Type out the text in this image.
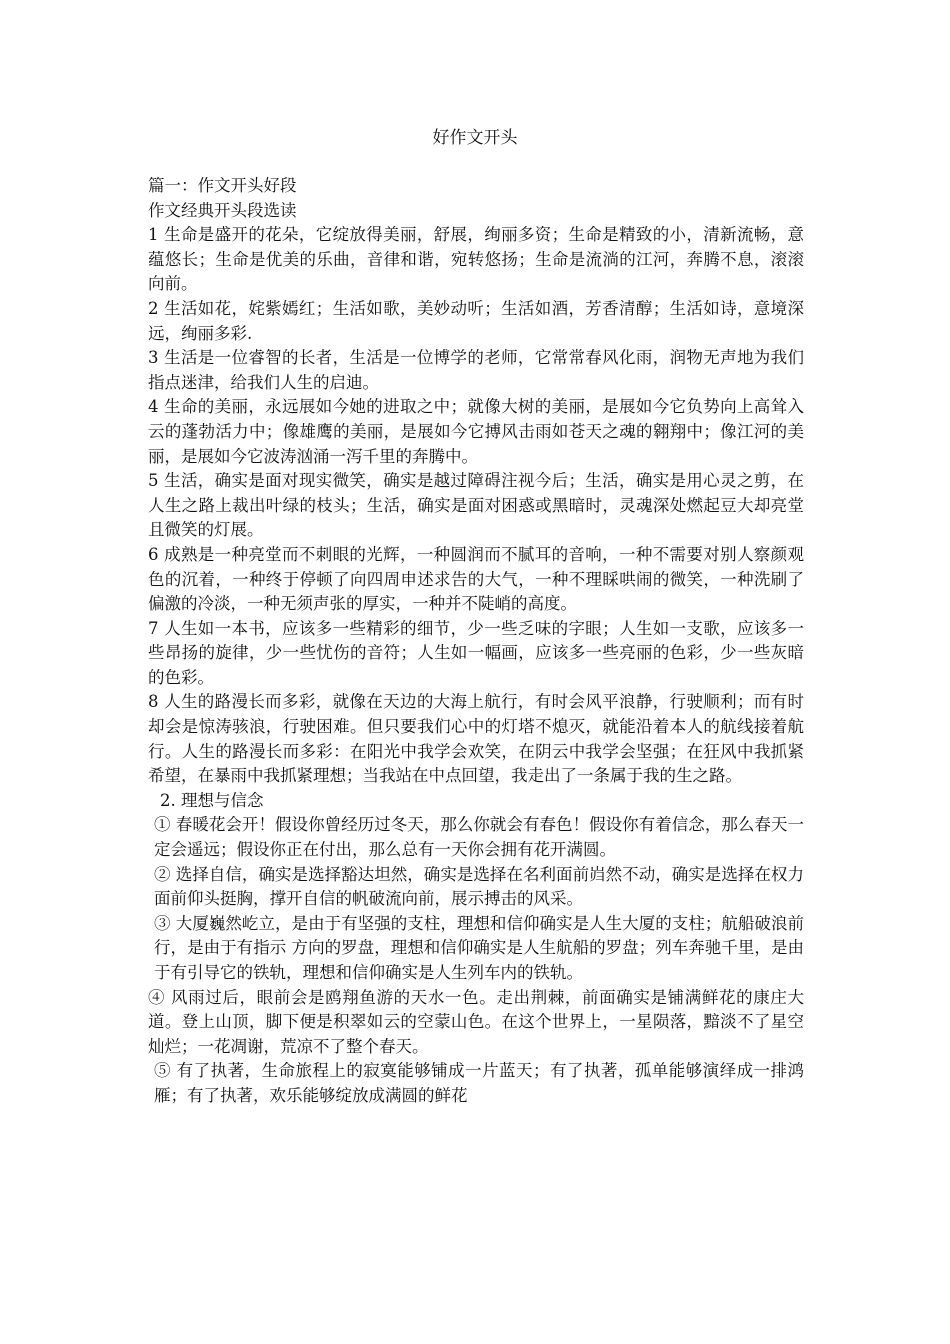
好作文开头

篇一：作文开头好段

作文经典开头段选读

1 生命是盛开的花朵，它绽放得美丽，舒展，绚丽多资；生命是精致的小，清新流畅，意蕴悠长；生命是优美的乐曲，音律和谐，宛转悠扬；生命是流淌的江河，奔腾不息，滚滚向前。

2 生活如花，姹紫嫣红；生活如歌，美妙动听；生活如酒，芳香清醇；生活如诗，意境深远，绚丽多彩.

3 生活是一位睿智的长者，生活是一位博学的老师，它常常春风化雨，润物无声地为我们指点迷津，给我们人生的启迪。

4 生命的美丽，永远展如今她的进取之中；就像大树的美丽，是展如今它负势向上高耸入云的蓬勃活力中；像雄鹰的美丽，是展如今它搏风击雨如苍天之魂的翱翔中；像江河的美丽，是展如今它波涛汹涌一泻千里的奔腾中。

5 生活，确实是面对现实微笑，确实是越过障碍注视今后；生活，确实是用心灵之剪，在人生之路上裁出叶绿的枝头；生活，确实是面对困惑或黑暗时，灵魂深处燃起豆大却亮堂且微笑的灯展。

6 成熟是一种亮堂而不刺眼的光辉，一种圆润而不腻耳的音响，一种不需要对别人察颜观色的沉着，一种终于停顿了向四周申述求告的大气，一种不理睬哄闹的微笑，一种洗刷了偏激的冷淡，一种无须声张的厚实，一种并不陡峭的高度。

7 人生如一本书，应该多一些精彩的细节，少一些乏味的字眼；人生如一支歌，应该多一些昂扬的旋律，少一些忧伤的音符；人生如一幅画，应该多一些亮丽的色彩，少一些灰暗的色彩。

8 人生的路漫长而多彩，就像在天边的大海上航行，有时会风平浪静，行驶顺利；而有时却会是惊涛骇浪，行驶困难。但只要我们心中的灯塔不熄灭，就能沿着本人的航线接着航行。人生的路漫长而多彩：在阳光中我学会欢笑，在阴云中我学会坚强；在狂风中我抓紧希望，在暴雨中我抓紧理想；当我站在中点回望，我走出了一条属于我的生之路。

2. 理想与信念

① 春暖花会开！假设你曾经历过冬天，那么你就会有春色！假设你有着信念，那么春天一定会遥远；假设你正在付出，那么总有一天你会拥有花开满圆。

② 选择自信，确实是选择豁达坦然，确实是选择在名利面前岿然不动，确实是选择在权力面前仰头挺胸，撑开自信的帆破流向前，展示搏击的风采。

③ 大厦巍然屹立，是由于有坚强的支柱，理想和信仰确实是人生大厦的支柱；航船破浪前行，是由于有指示 方向的罗盘，理想和信仰确实是人生航船的罗盘；列车奔驰千里，是由于有引导它的铁轨，理想和信仰确实是人生列车内的铁轨。

④ 风雨过后，眼前会是鸥翔鱼游的天水一色。走出荆棘，前面确实是铺满鲜花的康庄大道。登上山顶，脚下便是积翠如云的空蒙山色。在这个世界上，一星陨落，黯淡不了星空灿烂；一花凋谢，荒凉不了整个春天。

⑤ 有了执著，生命旅程上的寂寞能够铺成一片蓝天；有了执著，孤单能够演绎成一排鸿雁；有了执著，欢乐能够绽放成满圆的鲜花
